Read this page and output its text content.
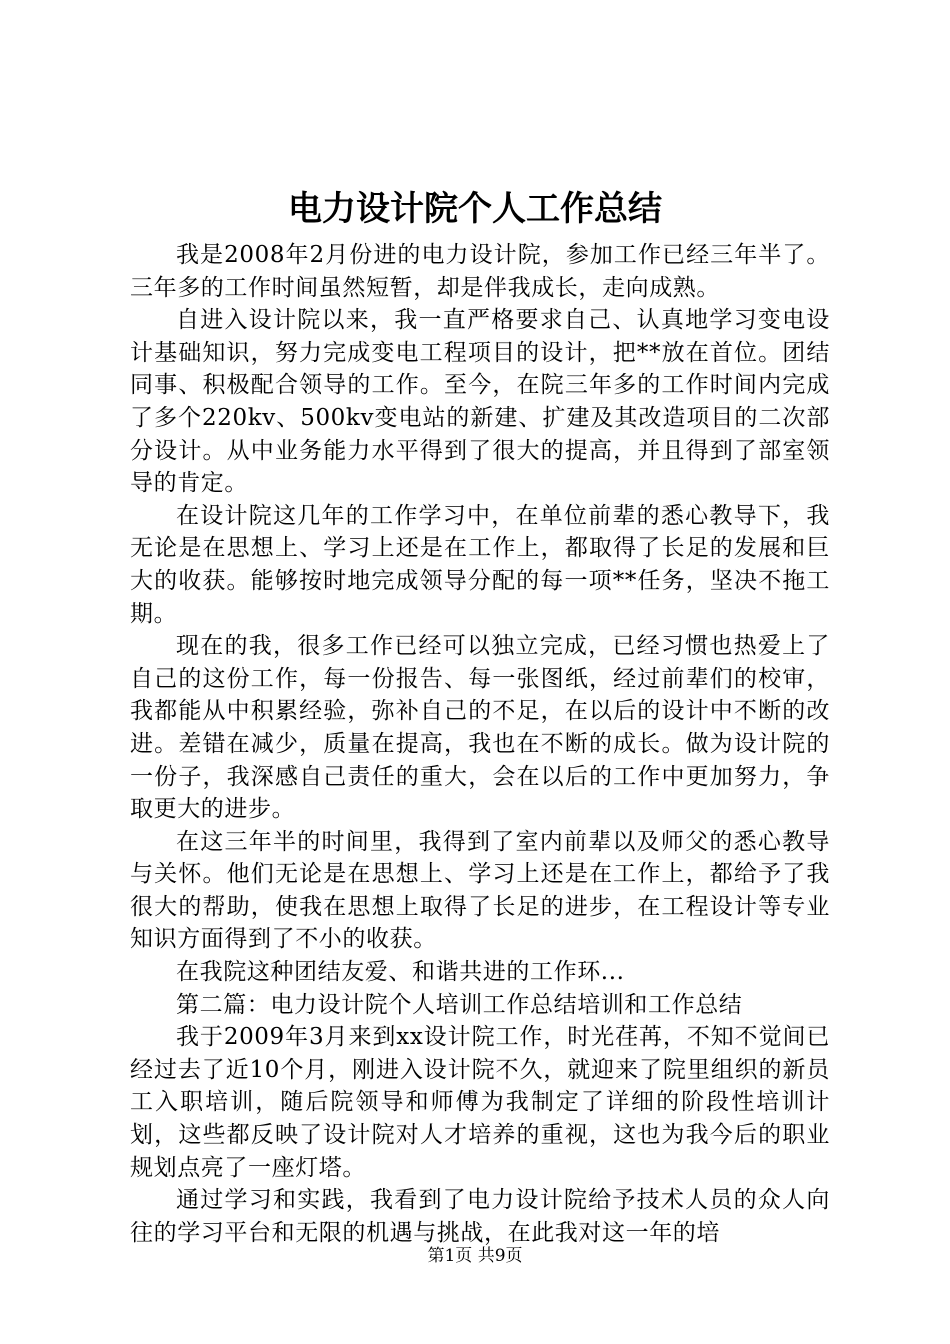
电力设计院个人工作总结

我是2008年2月份进的电力设计院，参加工作已经三年半了。三年多的工作时间虽然短暂，却是伴我成长，走向成熟。

自进入设计院以来，我一直严格要求自己、认真地学习变电设计基础知识，努力完成变电工程项目的设计，把**放在首位。团结同事、积极配合领导的工作。至今，在院三年多的工作时间内完成了多个220kv、500kv变电站的新建、扩建及其改造项目的二次部分设计。从中业务能力水平得到了很大的提高，并且得到了部室领导的肯定。

在设计院这几年的工作学习中，在单位前辈的悉心教导下，我无论是在思想上、学习上还是在工作上，都取得了长足的发展和巨大的收获。能够按时地完成领导分配的每一项**任务，坚决不拖工期。

现在的我，很多工作已经可以独立完成，已经习惯也热爱上了自己的这份工作，每一份报告、每一张图纸，经过前辈们的校审，我都能从中积累经验，弥补自己的不足，在以后的设计中不断的改进。差错在减少，质量在提高，我也在不断的成长。做为设计院的一份子，我深感自己责任的重大，会在以后的工作中更加努力，争取更大的进步。

在这三年半的时间里，我得到了室内前辈以及师父的悉心教导与关怀。他们无论是在思想上、学习上还是在工作上，都给予了我很大的帮助，使我在思想上取得了长足的进步，在工程设计等专业知识方面得到了不小的收获。

在我院这种团结友爱、和谐共进的工作环...

第二篇：电力设计院个人培训工作总结培训和工作总结

我于2009年3月来到xx设计院工作，时光荏苒，不知不觉间已经过去了近10个月，刚进入设计院不久，就迎来了院里组织的新员工入职培训，随后院领导和师傅为我制定了详细的阶段性培训计划，这些都反映了设计院对人才培养的重视，这也为我今后的职业规划点亮了一座灯塔。

通过学习和实践，我看到了电力设计院给予技术人员的众人向往的学习平台和无限的机遇与挑战，在此我对这一年的培

第1页 共9页
